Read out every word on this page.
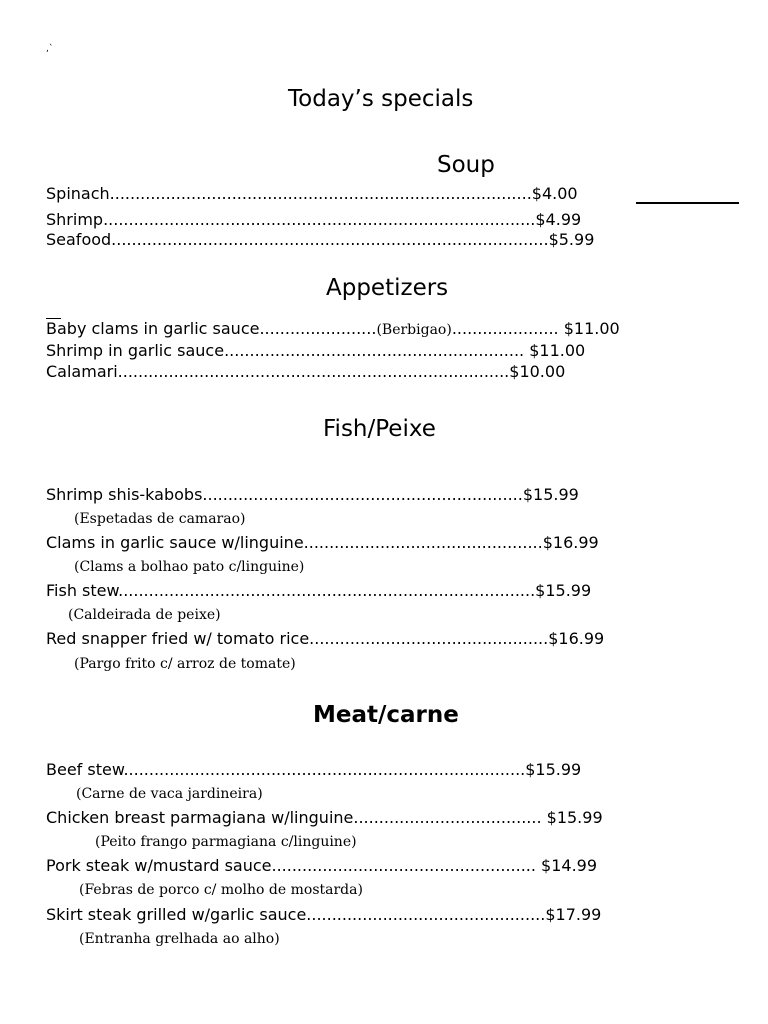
,`
Today’s specials
Soup
Spinach...................................................................................$4.00
Shrimp.....................................................................................$4.99
Seafood......................................................................................$5.99
Appetizers
Baby clams in garlic sauce.......................(Berbigao)..................... $11.00
Shrimp in garlic sauce........................................................... $11.00
Calamari.............................................................................$10.00
Fish/Peixe
Shrimp shis-kabobs...............................................................$15.99
(Espetadas de camarao)
Clams in garlic sauce w/linguine...............................................$16.99
(Clams a bolhao pato c/linguine)
Fish stew..................................................................................$15.99
(Caldeirada de peixe)
Red snapper fried w/ tomato rice...............................................$16.99
(Pargo frito c/ arroz de tomate)
Meat/carne
Beef stew...............................................................................$15.99
(Carne de vaca jardineira)
Chicken breast parmagiana w/linguine..................................... $15.99
(Peito frango parmagiana c/linguine)
Pork steak w/mustard sauce.................................................... $14.99
(Febras de porco c/ molho de mostarda)
Skirt steak grilled w/garlic sauce...............................................$17.99
(Entranha grelhada ao alho)
